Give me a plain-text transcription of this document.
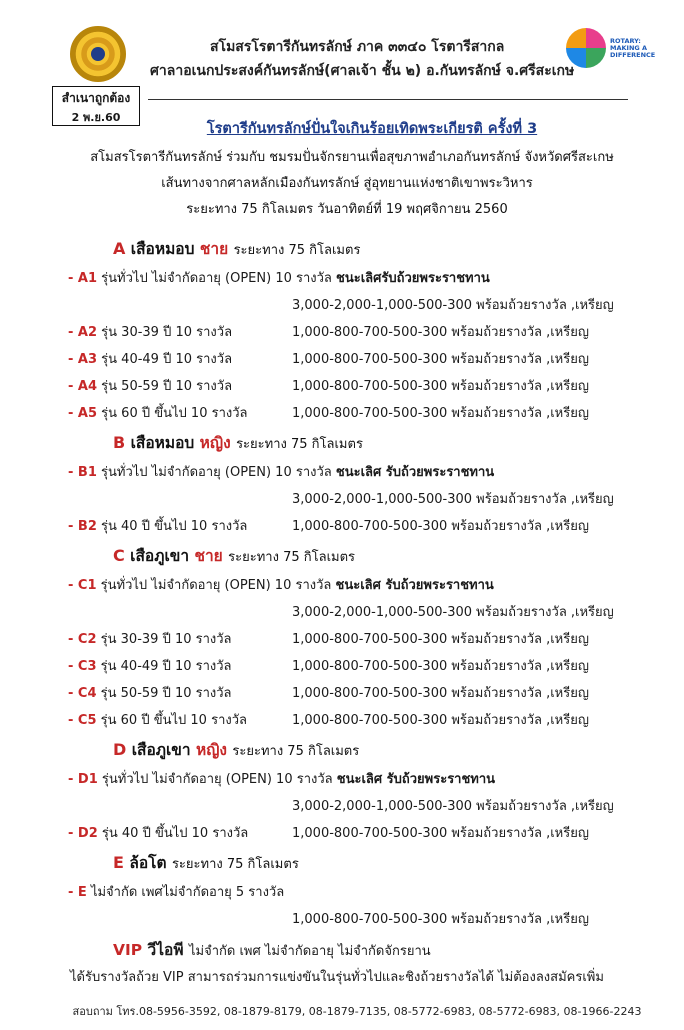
ROTARY: MAKING A DIFFERENCE
สโมสรโรตารีกันทรลักษ์ ภาค ๓๓๔๐ โรตารีสากล
ศาลาอเนกประสงค์กันทรลักษ์(ศาลเจ้า ชั้น ๒) อ.กันทรลักษ์ จ.ศรีสะเกษ
สำเนาถูกต้อง
2 พ.ย.60
โรตารีกันทรลักษ์ปั่นใจเกินร้อยเทิดพระเกียรติ ครั้งที่ 3
สโมสรโรตารีกันทรลักษ์ ร่วมกับ ชมรมปั่นจักรยานเพื่อสุขภาพอำเภอกันทรลักษ์ จังหวัดศรีสะเกษ
เส้นทางจากศาลหลักเมืองกันทรลักษ์ สู่อุทยานแห่งชาติเขาพระวิหาร
ระยะทาง 75 กิโลเมตร วันอาทิตย์ที่ 19 พฤศจิกายน 2560
A เสือหมอบ ชาย ระยะทาง 75 กิโลเมตร
- A1 รุ่นทั่วไป ไม่จำกัดอายุ (OPEN) 10 รางวัล ชนะเลิศรับถ้วยพระราชทาน
3,000-2,000-1,000-500-300 พร้อมถ้วยรางวัล ,เหรียญ
- A2 รุ่น 30-39 ปี 10 รางวัล	1,000-800-700-500-300 พร้อมถ้วยรางวัล ,เหรียญ
- A3 รุ่น 40-49 ปี 10 รางวัล	1,000-800-700-500-300 พร้อมถ้วยรางวัล ,เหรียญ
- A4 รุ่น 50-59 ปี 10 รางวัล	1,000-800-700-500-300 พร้อมถ้วยรางวัล ,เหรียญ
- A5 รุ่น 60 ปี ขึ้นไป 10 รางวัล	1,000-800-700-500-300 พร้อมถ้วยรางวัล ,เหรียญ
B เสือหมอบ หญิง ระยะทาง 75 กิโลเมตร
- B1 รุ่นทั่วไป ไม่จำกัดอายุ (OPEN) 10 รางวัล ชนะเลิศ รับถ้วยพระราชทาน
3,000-2,000-1,000-500-300 พร้อมถ้วยรางวัล ,เหรียญ
- B2 รุ่น 40 ปี ขึ้นไป 10 รางวัล	1,000-800-700-500-300 พร้อมถ้วยรางวัล ,เหรียญ
C เสือภูเขา ชาย ระยะทาง 75 กิโลเมตร
- C1 รุ่นทั่วไป ไม่จำกัดอายุ (OPEN) 10 รางวัล ชนะเลิศ รับถ้วยพระราชทาน
3,000-2,000-1,000-500-300 พร้อมถ้วยรางวัล ,เหรียญ
- C2 รุ่น 30-39 ปี 10 รางวัล	1,000-800-700-500-300 พร้อมถ้วยรางวัล ,เหรียญ
- C3 รุ่น 40-49 ปี 10 รางวัล	1,000-800-700-500-300 พร้อมถ้วยรางวัล ,เหรียญ
- C4 รุ่น 50-59 ปี 10 รางวัล	1,000-800-700-500-300 พร้อมถ้วยรางวัล ,เหรียญ
- C5 รุ่น 60 ปี ขึ้นไป 10 รางวัล	1,000-800-700-500-300 พร้อมถ้วยรางวัล ,เหรียญ
D เสือภูเขา หญิง ระยะทาง 75 กิโลเมตร
- D1 รุ่นทั่วไป ไม่จำกัดอายุ (OPEN) 10 รางวัล ชนะเลิศ รับถ้วยพระราชทาน
3,000-2,000-1,000-500-300 พร้อมถ้วยรางวัล ,เหรียญ
- D2 รุ่น 40 ปี ขึ้นไป 10 รางวัล	1,000-800-700-500-300 พร้อมถ้วยรางวัล ,เหรียญ
E ล้อโต ระยะทาง 75 กิโลเมตร
- E ไม่จำกัด เพศไม่จำกัดอายุ 5 รางวัล
1,000-800-700-500-300 พร้อมถ้วยรางวัล ,เหรียญ
VIP วีไอพี ไม่จำกัด เพศ ไม่จำกัดอายุ ไม่จำกัดจักรยาน
ได้รับรางวัลถ้วย VIP สามารถร่วมการแข่งขันในรุ่นทั่วไปและชิงถ้วยรางวัลได้ ไม่ต้องลงสมัครเพิ่ม
สอบถาม โทร.08-5956-3592, 08-1879-8179, 08-1879-7135, 08-5772-6983, 08-5772-6983, 08-1966-2243
